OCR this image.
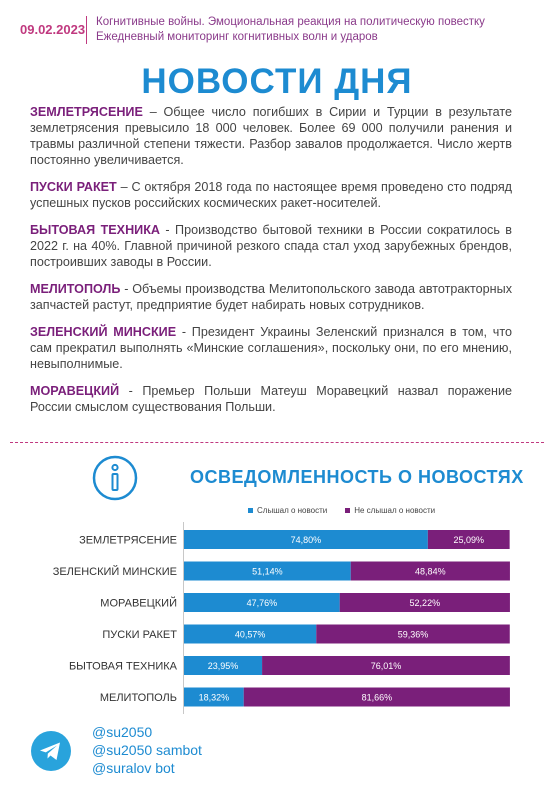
09.02.2023 Когнитивные войны. Эмоциональная реакция на политическую повестку
Ежедневный мониторинг когнитивных волн и ударов
НОВОСТИ ДНЯ

ЗЕМЛЕТРЯСЕНИЕ – Общее число погибших в Сирии и Турции в результате землетрясения превысило 18 000 человек. Более 69 000 получили ранения и травмы различной степени тяжести. Разбор завалов продолжается. Число жертв постоянно увеличивается.

ПУСКИ РАКЕТ – С октября 2018 года по настоящее время проведено сто подряд успешных пусков российских космических ракет-носителей.

БЫТОВАЯ ТЕХНИКА - Производство бытовой техники в России сократилось в 2022 г. на 40%. Главной причиной резкого спада стал уход зарубежных брендов, построивших заводы в России.

МЕЛИТОПОЛЬ - Объемы производства Мелитопольского завода автотракторных запчастей растут, предприятие будет набирать новых сотрудников.

ЗЕЛЕНСКИЙ МИНСКИЕ - Президент Украины Зеленский признался в том, что сам прекратил выполнять «Минские соглашения», поскольку они, по его мнению, невыполнимые.

МОРАВЕЦКИЙ - Премьер Польши Матеуш Моравецкий назвал поражение России смыслом существования Польши.

ОСВЕДОМЛЕННОСТЬ О НОВОСТЯХ
Слышал о новости	Не слышал о новости
ЗЕМЛЕТРЯСЕНИЕ	74,80%	25,09%
ЗЕЛЕНСКИЙ МИНСКИЕ	51,14%	48,84%
МОРАВЕЦКИЙ	47,76%	52,22%
ПУСКИ РАКЕТ	40,57%	59,36%
БЫТОВАЯ ТЕХНИКА	23,95%	76,01%
МЕЛИТОПОЛЬ 18,32%	81,66%
@su2050
@su2050 sambot
@suralov bot
